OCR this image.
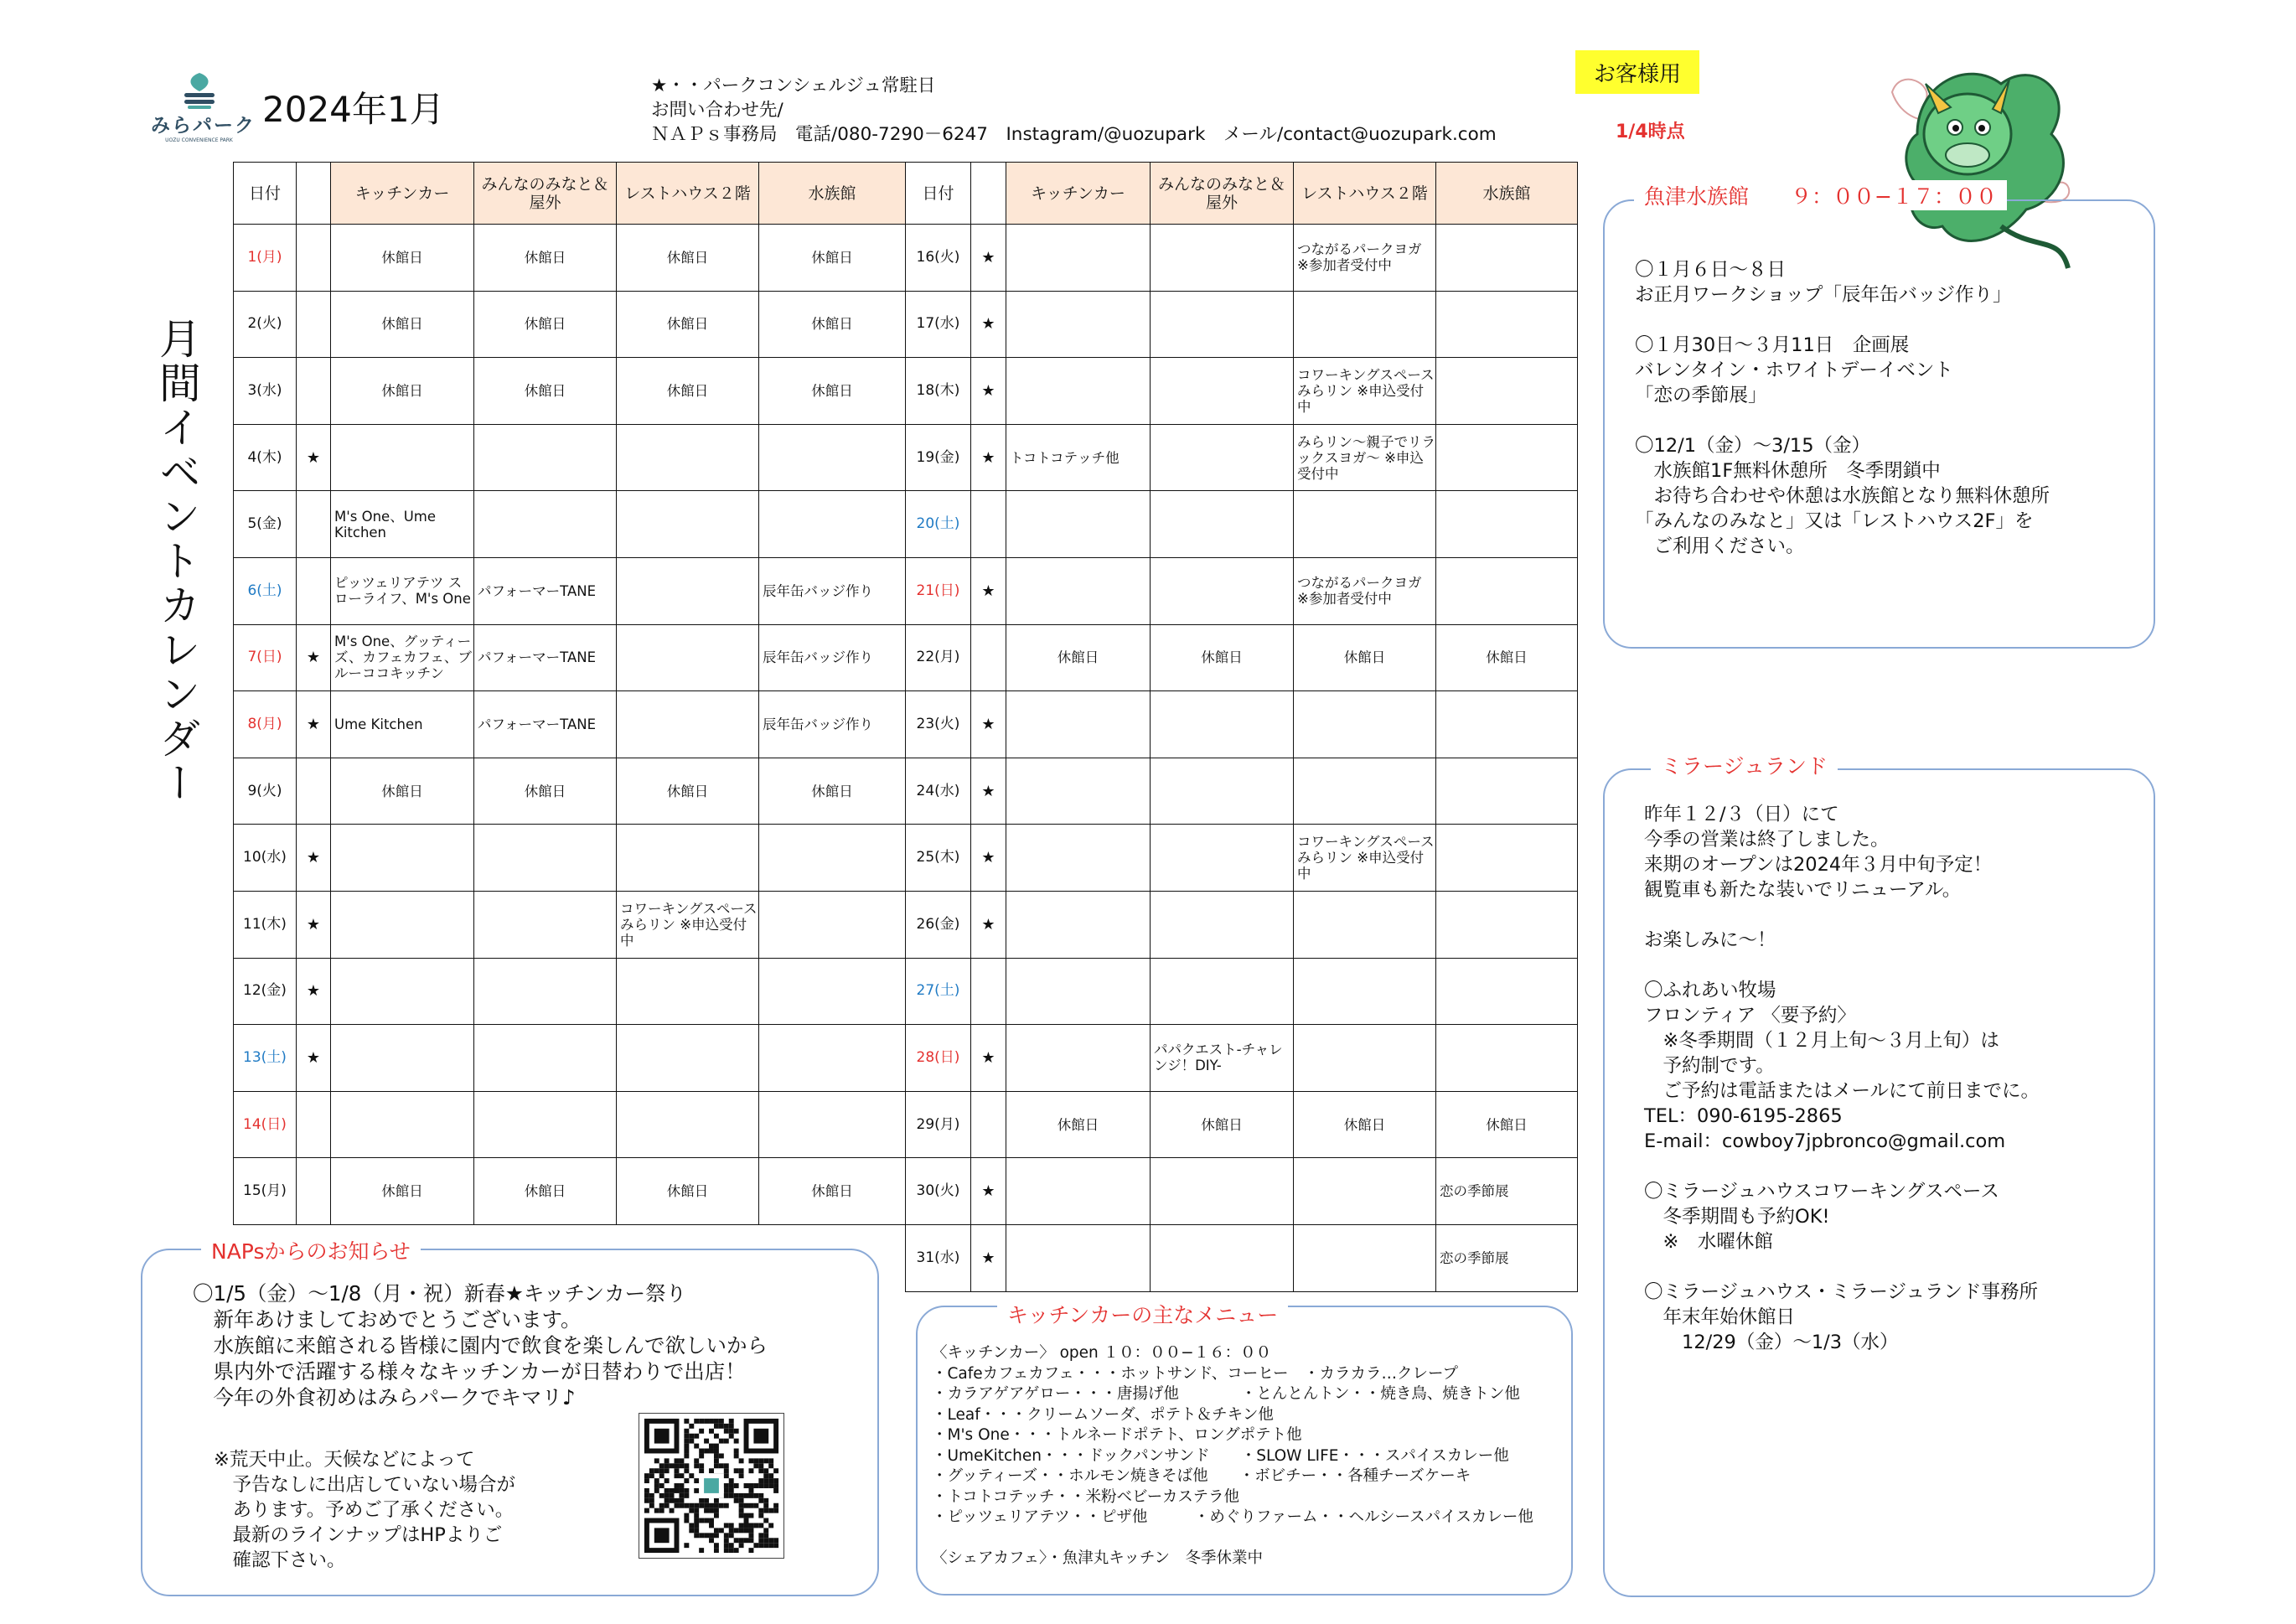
みらパーク
UOZU CONVENIENCE PARK
2024年1月
★・・パークコンシェルジュ常駐日
お問い合わせ先/
ＮＡＰｓ事務局　電話/080-7290－6247　Instagram/@uozupark　メール/contact@uozupark.com
お客様用
1/4時点
月間イベントカレンダー
日付		キッチンカー	みんなのみなと＆屋外	レストハウス２階	水族館
1(月)		休館日	休館日	休館日	休館日
2(火)		休館日	休館日	休館日	休館日
3(水)		休館日	休館日	休館日	休館日
4(木)	★				
5(金)		M's One、Ume Kitchen			
6(土)		ピッツェリアテツ スローライフ、M's One	パフォーマーTANE		辰年缶バッジ作り
7(日)	★	M's One、グッティーズ、カフェカフェ、ブルーココキッチン	パフォーマーTANE		辰年缶バッジ作り
8(月)	★	Ume Kitchen	パフォーマーTANE		辰年缶バッジ作り
9(火)		休館日	休館日	休館日	休館日
10(水)	★				
11(木)	★			コワーキングスペースみらリン ※申込受付中	
12(金)	★				
13(土)	★				
14(日)					
15(月)		休館日	休館日	休館日	休館日
日付		キッチンカー	みんなのみなと＆屋外	レストハウス２階	水族館
16(火)	★			つながるパークヨガ ※参加者受付中	
17(水)	★				
18(木)	★			コワーキングスペースみらリン ※申込受付中	
19(金)	★	トコトコテッチ他		みらリン～親子でリラックスヨガ～ ※申込受付中	
20(土)					
21(日)	★			つながるパークヨガ ※参加者受付中	
22(月)		休館日	休館日	休館日	休館日
23(火)	★				
24(水)	★				
25(木)	★			コワーキングスペースみらリン ※申込受付中	
26(金)	★				
27(土)					
28(日)	★		パパクエスト-チャレンジ！DIY-		
29(月)		休館日	休館日	休館日	休館日
30(火)	★				恋の季節展
31(水)	★				恋の季節展
魚津水族館　　９：００−１７：００
〇１月６日～８日
お正月ワークショップ「辰年缶バッジ作り」

〇１月30日～３月11日　企画展
バレンタイン・ホワイトデーイベント
「恋の季節展」

〇12/1（金）～3/15（金）
　水族館1F無料休憩所　冬季閉鎖中
　お待ち合わせや休憩は水族館となり無料休憩所
「みんなのみなと」又は「レストハウス2F」を
　ご利用ください。
ミラージュランド
昨年１２/３（日）にて
今季の営業は終了しました。
来期のオープンは2024年３月中旬予定！
観覧車も新たな装いでリニューアル。

お楽しみに～！

〇ふれあい牧場
フロンティア 〈要予約〉
　※冬季期間（１２月上旬～３月上旬）は
　予約制です。
　ご予約は電話またはメールにて前日までに。
TEL：090-6195-2865
E-mail：cowboy7jpbronco@gmail.com

〇ミラージュハウスコワーキングスペース
　冬季期間も予約OK!
　※　水曜休館

〇ミラージュハウス・ミラージュランド事務所
　年末年始休館日
　　12/29（金）～1/3（水）
NAPsからのお知らせ
〇1/5（金）～1/8（月・祝）新春★キッチンカー祭り
　新年あけましておめでとうございます。
　水族館に来館される皆様に園内で飲食を楽しんで欲しいから
　県内外で活躍する様々なキッチンカーが日替わりで出店！
　今年の外食初めはみらパークでキマリ♪
※荒天中止。天候などによって
　予告なしに出店していない場合が
　あります。予めご了承ください。
　最新のラインナップはHPよりご
　確認下さい。
キッチンカーの主なメニュー
〈キッチンカー〉 open １０：００−１６：００
・Cafeカフェカフェ・・・ホットサンド、コーヒー　・カラカラ…クレープ
・カラアゲアゲロー・・・唐揚げ他　　　　・とんとんトン・・焼き鳥、焼きトン他
・Leaf・・・クリームソーダ、ポテト＆チキン他
・M's One・・・トルネードポテト、ロングポテト他
・UmeKitchen・・・ドックパンサンド　　・SLOW LIFE・・・スパイスカレー他
・グッティーズ・・ホルモン焼きそば他　　・ボビチー・・各種チーズケーキ
・トコトコテッチ・・米粉ベビーカステラ他
・ピッツェリアテツ・・ピザ他　　　・めぐりファーム・・ヘルシースパイスカレー他

〈シェアカフェ〉・魚津丸キッチン　冬季休業中
